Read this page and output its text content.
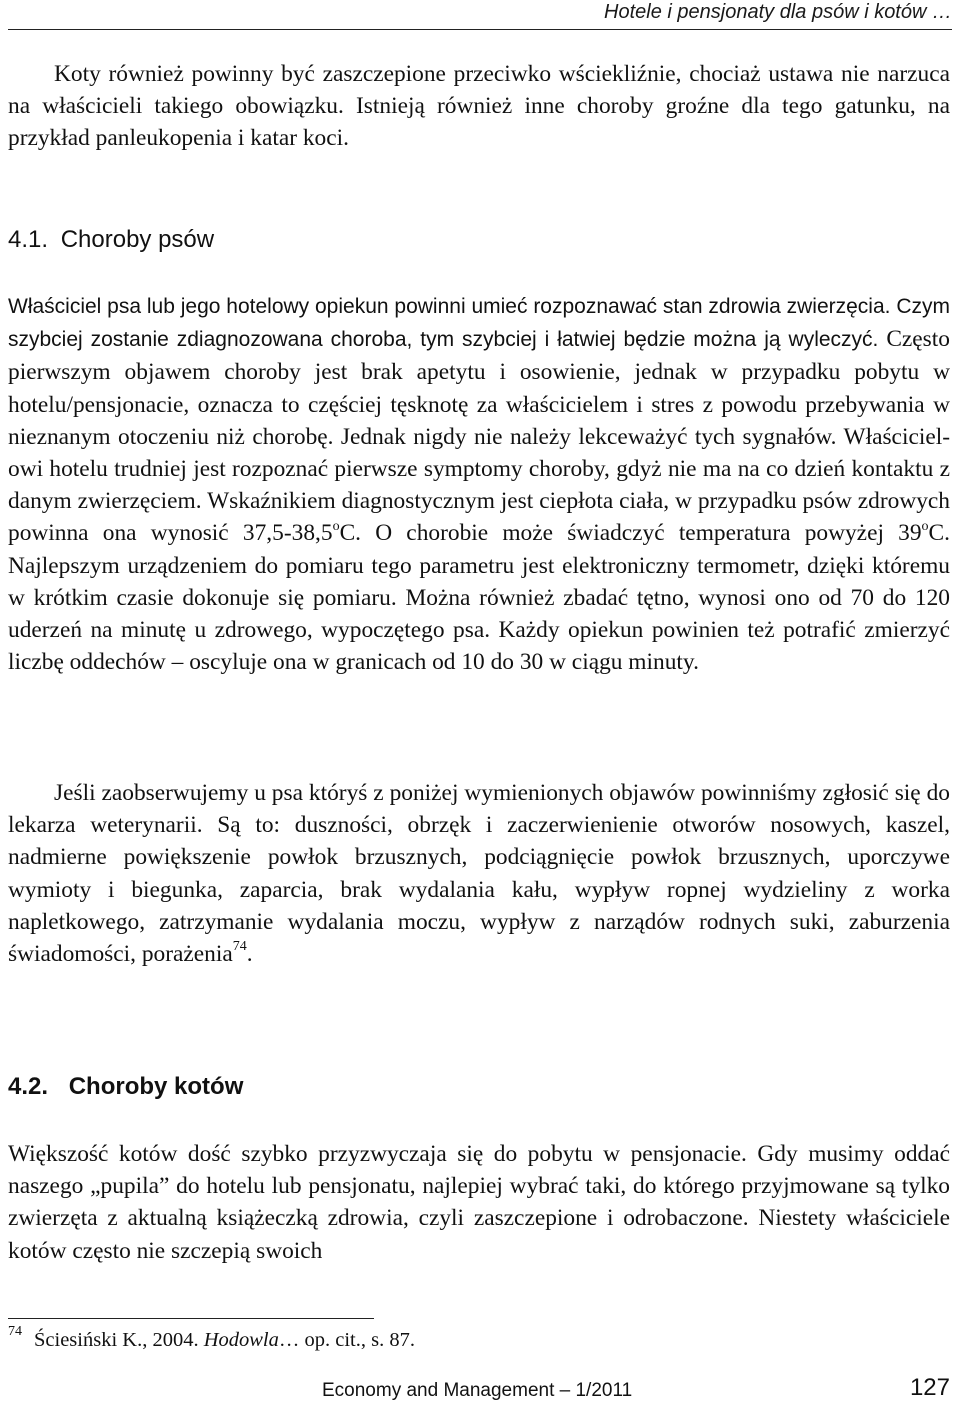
Hotele i pensjonaty dla psów i kotów …

Koty również powinny być zaszczepione przeciwko wściekliźnie, chociaż ustawa nie narzuca na właścicieli takiego obowiązku. Istnieją również inne choroby groźne dla tego gatunku, na przykład panleukopenia i katar koci.

4.1. Choroby psów

Właściciel psa lub jego hotelowy opiekun powinni umieć rozpoznawać stan zdrowia zwierzęcia. Czym szybciej zostanie zdiagnozowana choroba, tym szybciej i łatwiej będzie można ją wyleczyć. Często pierwszym objawem choroby jest brak apetytu i osowienie, jednak w przypadku pobytu w hotelu/pensjonacie, oznacza to częściej tęsknotę za właścicielem i stres z powodu przebywania w nieznanym otoczeniu niż chorobę. Jednak nigdy nie należy lekceważyć tych sygnałów. Właścicielowi hotelu trudniej jest rozpoznać pierwsze symptomy choroby, gdyż nie ma na co dzień kontaktu z danym zwierzęciem. Wskaźnikiem diagnostycznym jest ciepłota ciała, w przypadku psów zdrowych powinna ona wynosić 37,5-38,5$^o$C. O chorobie może świadczyć temperatura powyżej 39$^o$C. Najlepszym urządzeniem do pomiaru tego parametru jest elektroniczny termometr, dzięki któremu w krótkim czasie dokonuje się pomiaru. Można również zbadać tętno, wynosi ono od 70 do 120 uderzeń na minutę u zdrowego, wypoczętego psa. Każdy opiekun powinien też potrafić zmierzyć liczbę oddechów – oscyluje ona w granicach od 10 do 30 w ciągu minuty.

Jeśli zaobserwujemy u psa któryś z poniżej wymienionych objawów powinniśmy zgłosić się do lekarza weterynarii. Są to: duszności, obrzęk i zaczerwienienie otworów nosowych, kaszel, nadmierne powiększenie powłok brzusznych, podciągnięcie powłok brzusznych, uporczywe wymioty i biegunka, zaparcia, brak wydalania kału, wypływ ropnej wydzieliny z worka napletkowego, zatrzymanie wydalania moczu, wypływ z narządów rodnych suki, zaburzenia świadomości, porażenia$^{74}$.

4.2. Choroby kotów

Większość kotów dość szybko przyzwyczaja się do pobytu w pensjonacie. Gdy musimy oddać naszego „pupila” do hotelu lub pensjonatu, najlepiej wybrać taki, do którego przyjmowane są tylko zwierzęta z aktualną książeczką zdrowia, czyli zaszczepione i odrobaczone. Niestety właściciele kotów często nie szczepią swoich

$^{74}$ Ściesiński K., 2004. Hodowla… op. cit., s. 87.

Economy and Management – 1/2011	127
